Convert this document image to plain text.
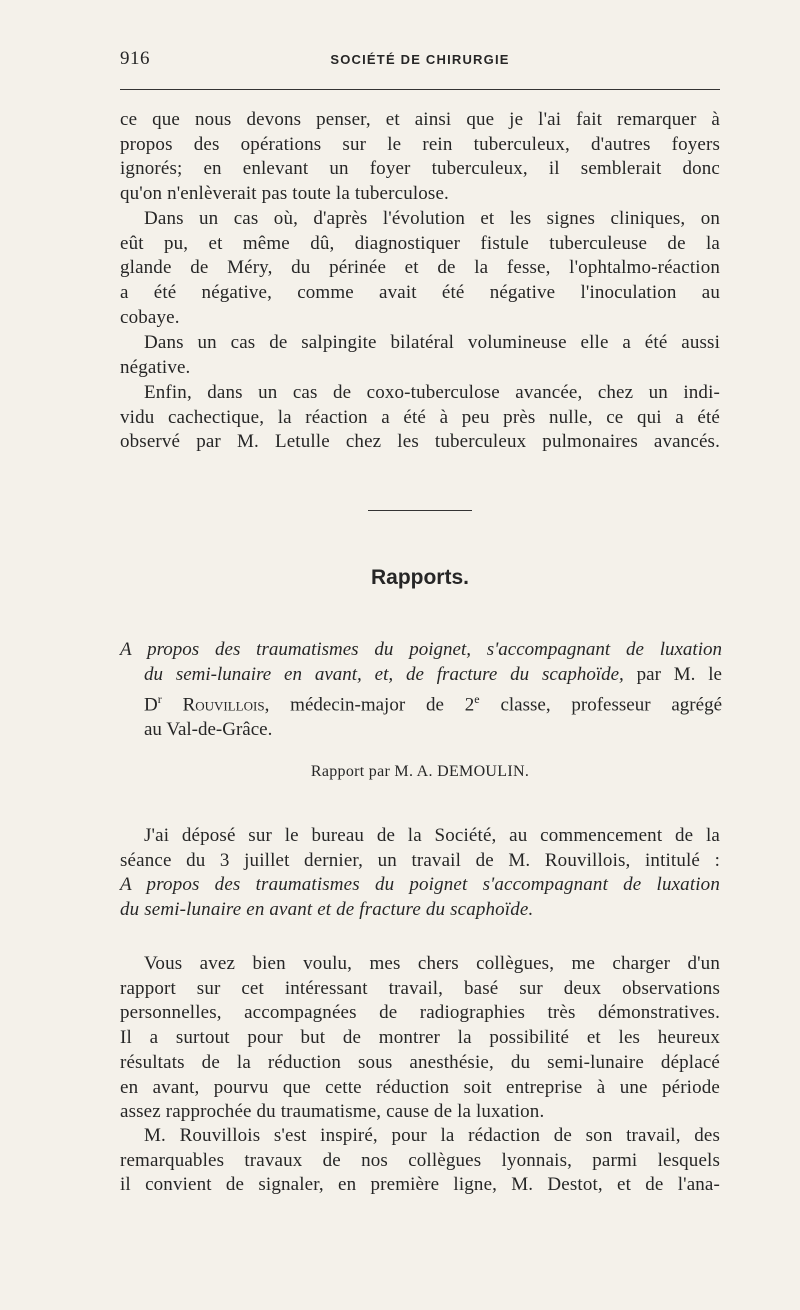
916	SOCIÉTÉ DE CHIRURGIE
ce que nous devons penser, et ainsi que je l'ai fait remarquer à
propos des opérations sur le rein tuberculeux, d'autres foyers
ignorés; en enlevant un foyer tuberculeux, il semblerait donc
qu'on n'enlèverait pas toute la tuberculose.
Dans un cas où, d'après l'évolution et les signes cliniques, on
eût pu, et même dû, diagnostiquer fistule tuberculeuse de la
glande de Méry, du périnée et de la fesse, l'ophtalmo-réaction
a été négative, comme avait été négative l'inoculation au
cobaye.
Dans un cas de salpingite bilatéral volumineuse elle a été aussi
négative.
Enfin, dans un cas de coxo-tuberculose avancée, chez un indi-
vidu cachectique, la réaction a été à peu près nulle, ce qui a été
observé par M. Letulle chez les tuberculeux pulmonaires avancés.
Rapports.
A propos des traumatismes du poignet, s'accompagnant de luxation
du semi-lunaire en avant, et, de fracture du scaphoïde, par M. le
$D^r$ Rouvillois, médecin-major de 2e classe, professeur agrégé
au Val-de-Grâce.
Rapport par M. A. DEMOULIN.
J'ai déposé sur le bureau de la Société, au commencement de la
séance du 3 juillet dernier, un travail de M. Rouvillois, intitulé :
A propos des traumatismes du poignet s'accompagnant de luxation
du semi-lunaire en avant et de fracture du scaphoïde.
Vous avez bien voulu, mes chers collègues, me charger d'un
rapport sur cet intéressant travail, basé sur deux observations
personnelles, accompagnées de radiographies très démonstratives.
Il a surtout pour but de montrer la possibilité et les heureux
résultats de la réduction sous anesthésie, du semi-lunaire déplacé
en avant, pourvu que cette réduction soit entreprise à une période
assez rapprochée du traumatisme, cause de la luxation.
M. Rouvillois s'est inspiré, pour la rédaction de son travail, des
remarquables travaux de nos collègues lyonnais, parmi lesquels
il convient de signaler, en première ligne, M. Destot, et de l'ana-
